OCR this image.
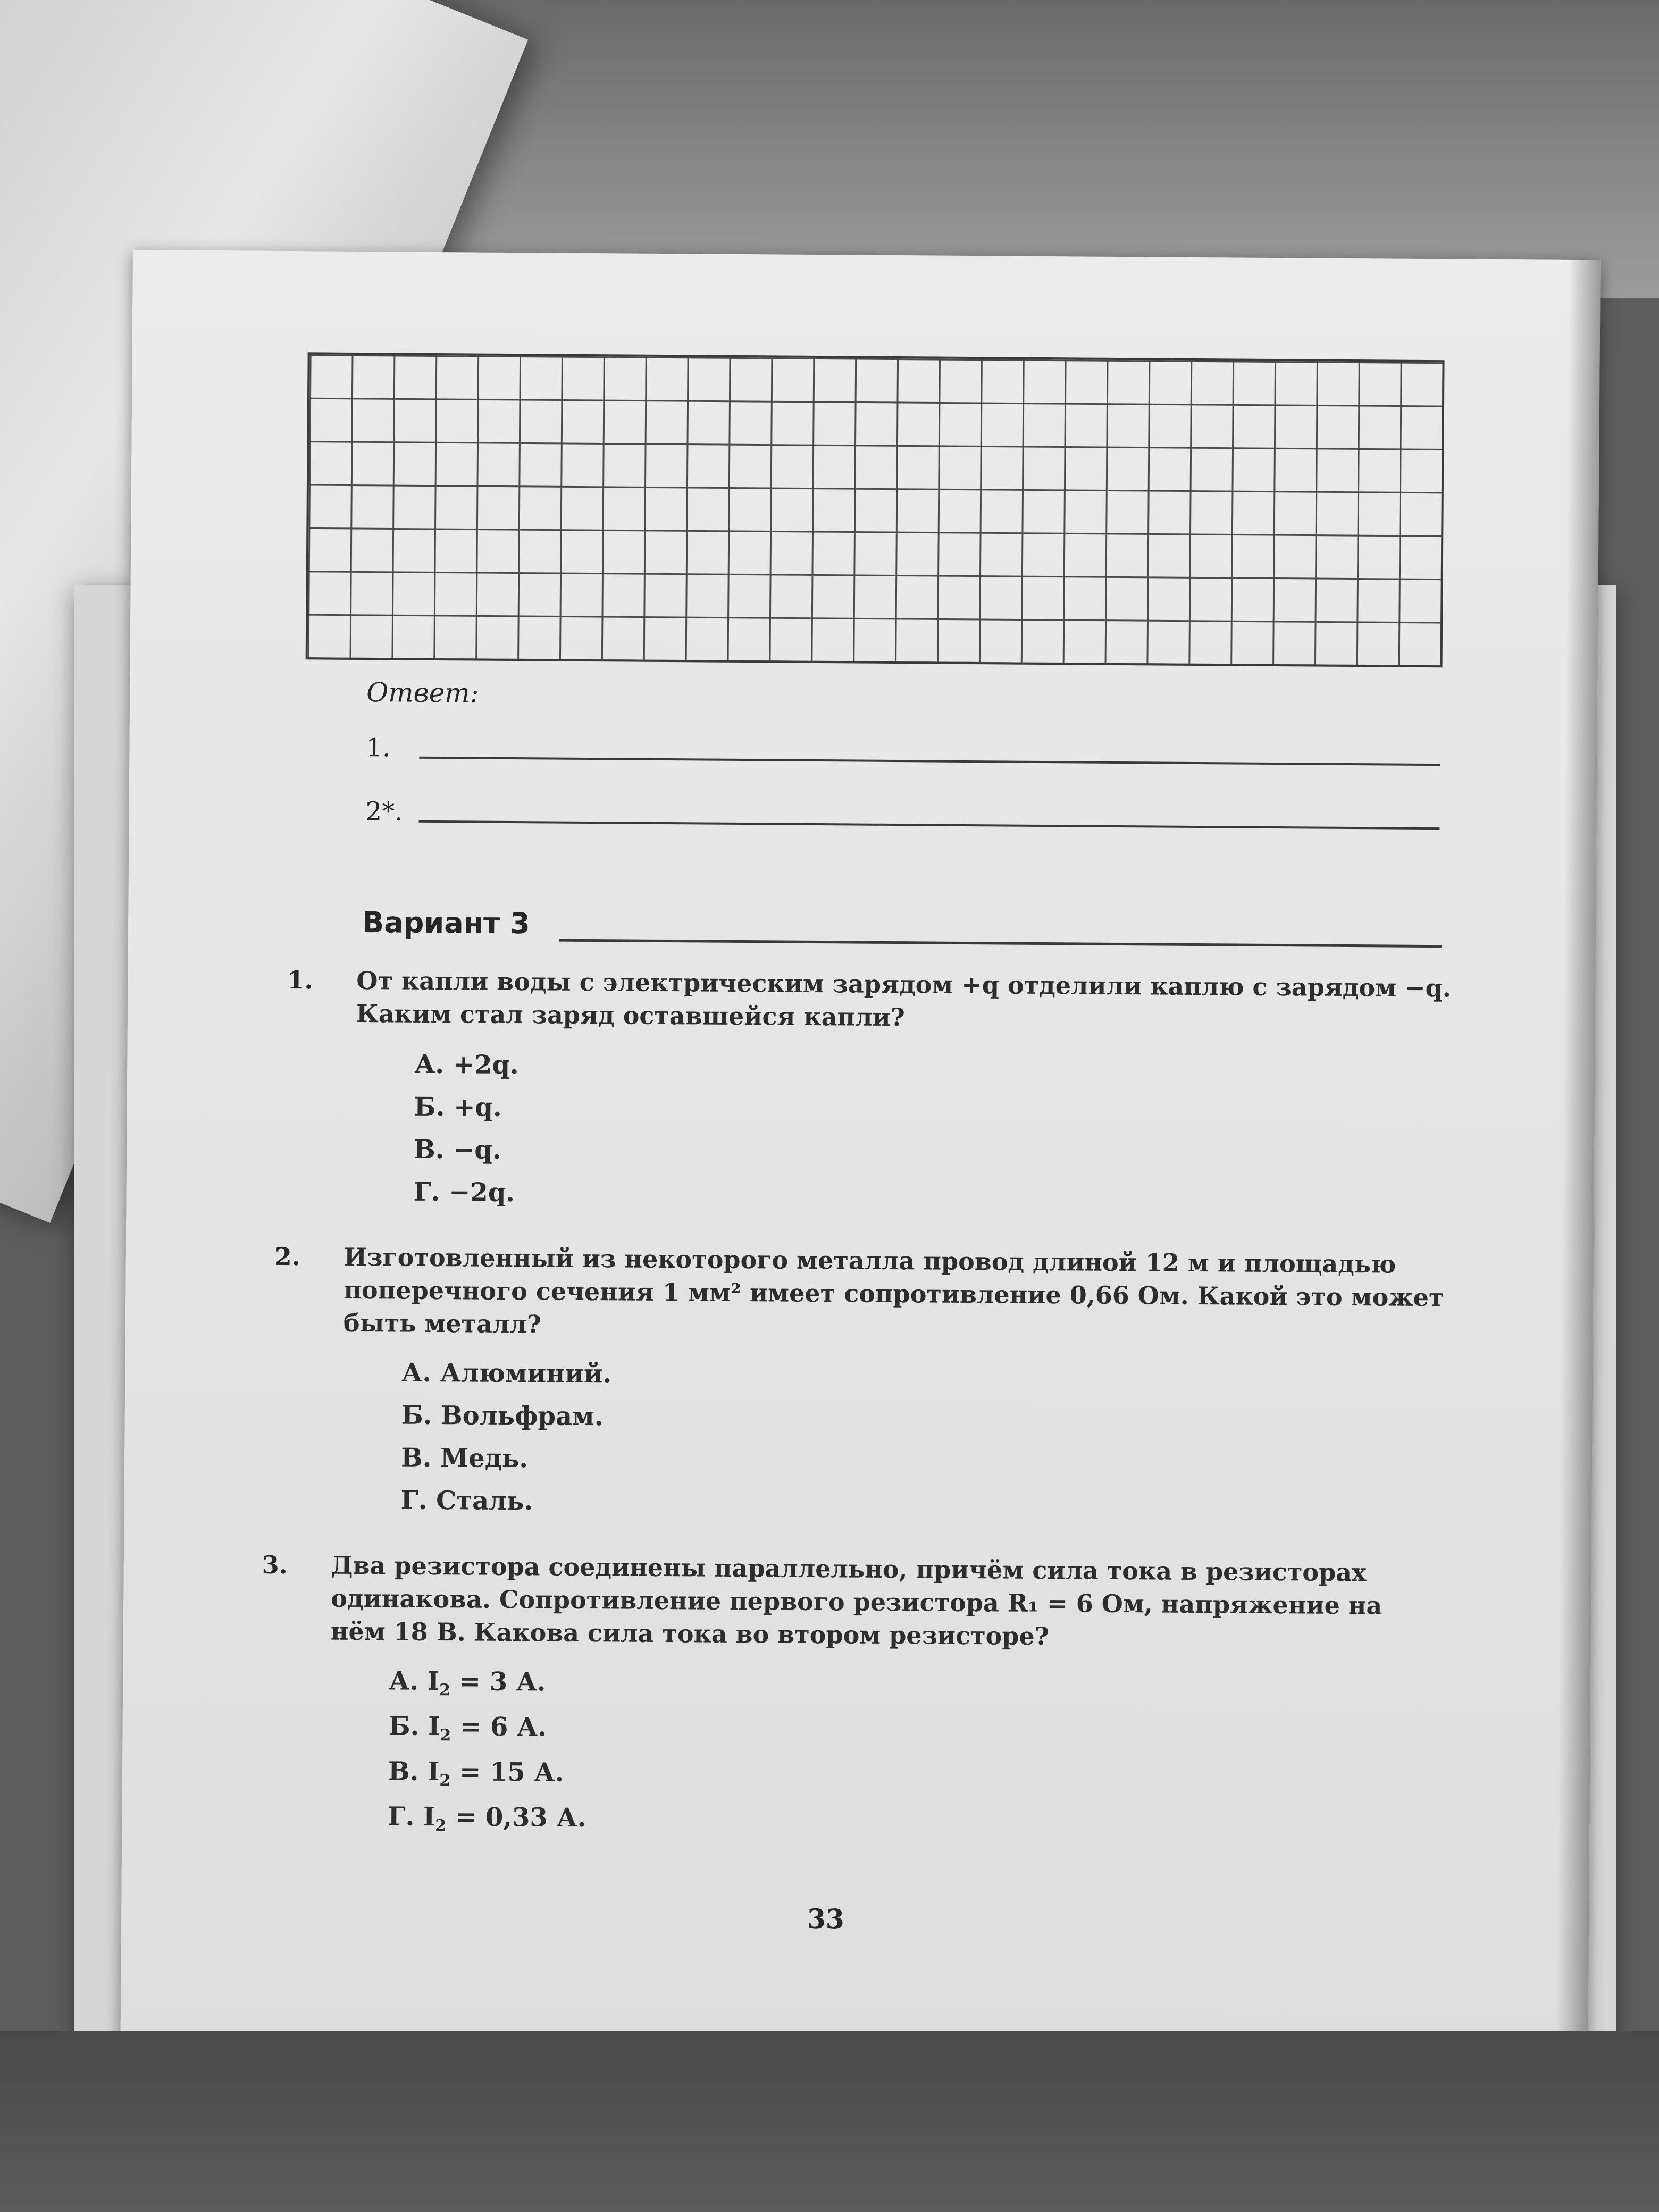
Ответ:
1.
2*.
Вариант 3
1. От капли воды с электрическим зарядом +q отделили каплю с зарядом −q. Каким стал заряд оставшейся капли?
А. +2q.
Б. +q.
В. −q.
Г. −2q.
2. Изготовленный из некоторого металла провод длиной 12 м и площадью поперечного сечения 1 мм² имеет сопротивление 0,66 Ом. Какой это может быть металл?
А. Алюминий.
Б. Вольфрам.
В. Медь.
Г. Сталь.
3. Два резистора соединены параллельно, причём сила тока в резисторах одинакова. Сопротивление первого резистора R₁ = 6 Ом, напряжение на нём 18 В. Какова сила тока во втором резисторе?
А. $I_2 = 3$ А.
Б. $I_2 = 6$ А.
В. $I_2 = 15$ А.
Г. $I_2 = 0,33$ А.
33
